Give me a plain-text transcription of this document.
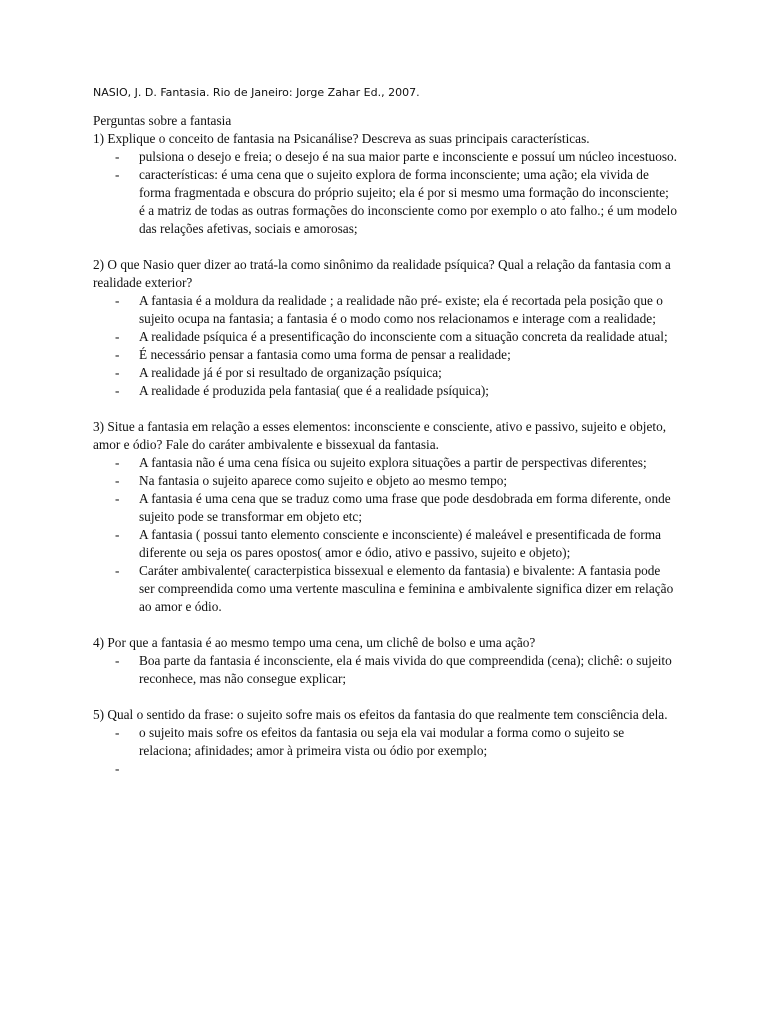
NASIO, J. D. Fantasia. Rio de Janeiro: Jorge Zahar Ed., 2007.

Perguntas sobre a fantasia

1) Explique o conceito de fantasia na Psicanálise? Descreva as suas principais características.

- pulsiona o desejo e freia; o desejo é na sua maior parte e inconsciente e possuí um núcleo incestuoso.
- características: é uma cena que o sujeito explora de forma inconsciente; uma ação; ela vivida de forma fragmentada e obscura do próprio sujeito; ela é por si mesmo uma formação do inconsciente; é a matriz de todas as outras formações do inconsciente como por exemplo o ato falho.; é um modelo das relações afetivas, sociais e amorosas;

2) O que Nasio quer dizer ao tratá-la como sinônimo da realidade psíquica? Qual a relação da fantasia com a realidade exterior?

- A fantasia é a moldura da realidade ; a realidade não pré- existe; ela é recortada pela posição que o sujeito ocupa na fantasia; a fantasia é o modo como nos relacionamos e interage com a realidade;
- A realidade psíquica é a presentificação do inconsciente com a situação concreta da realidade atual;
- É necessário pensar a fantasia como uma forma de pensar a realidade;
- A realidade já é por si resultado de organização psíquica;
- A realidade é produzida pela fantasia( que é a realidade psíquica);

3) Situe a fantasia em relação a esses elementos: inconsciente e consciente, ativo e passivo, sujeito e objeto, amor e ódio? Fale do caráter ambivalente e bissexual da fantasia.

- A fantasia não é uma cena física ou sujeito explora situações a partir de perspectivas diferentes;
- Na fantasia o sujeito aparece como sujeito e objeto ao mesmo tempo;
- A fantasia é uma cena que se traduz como uma frase que pode desdobrada em forma diferente, onde sujeito pode se transformar em objeto etc;
- A fantasia ( possui tanto elemento consciente e inconsciente) é maleável e presentificada de forma diferente ou seja os pares opostos( amor e ódio, ativo e passivo, sujeito e objeto);
- Caráter ambivalente( caracterpistica bissexual e elemento da fantasia) e bivalente: A fantasia pode ser compreendida como uma vertente masculina e feminina e ambivalente significa dizer em relação ao amor e ódio.

4) Por que a fantasia é ao mesmo tempo uma cena, um clichê de bolso e uma ação?

- Boa parte da fantasia é inconsciente, ela é mais vivida do que compreendida (cena); clichê: o sujeito reconhece, mas não consegue explicar;

5) Qual o sentido da frase: o sujeito sofre mais os efeitos da fantasia do que realmente tem consciência dela.

- o sujeito mais sofre os efeitos da fantasia ou seja ela vai modular a forma como o sujeito se relaciona; afinidades; amor à primeira vista ou ódio por exemplo;
-
